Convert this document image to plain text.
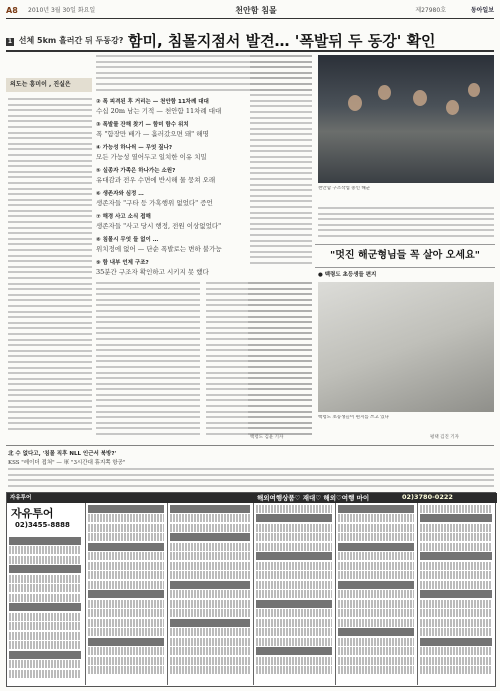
A8 2010년 3월 30일 화요일	천안함 침몰	제27980호	동아일보
1 선체 5km 흘러간 뒤 두동강? 함미, 침몰지점서 발견… '폭발뒤 두 동강' 확인
의도는 흥미이 , 진실은
② 폭 피격된 후 거리는 — 천안함 11차례 대대
수십 20m 남는 기적 — 천안함 11차례 대대
③ 폭발물 잔해 찾기 — 함미 함수 위치
폭 "함장만 배가 — 흘러갔으면 돼" 해명
④ 가능성 하나씩 — 무엇 짚나?
모든 가능성 열어두고 일치한 이유 치밀
⑤ 실종자 가족은 하나가는 소원?
유대감과 전우 수면에 반시해 물 뭉쳐 오래
⑥ 생존자와 심정 …
생존자들 "구타 등 가혹행위 없었다" 증언
⑦ 해경 사고 소식 접해
생존자들 "사고 당시 행정, 전원 이상없었다"
⑧ 침몰시 무엇 들 없이 …
위치정에 없어 — 단순 폭발로는 변하 불가능
⑨ 함 내부 언제 구조?
35분간 구조자 확인하고 시키지 못 했다
천안함 구조작업 중인 해군
"멋진 해군형님들 꼭 살아 오세요"
● 백령도 초등생들 편지
백령도 초등생들이 편지를 쓰고 있다
北 수 없다고, '침몰 직후 NLL 인근서 북방?'
KSS "레이더 접쳐" — 軍 "3시간대 휴지쪽 항공"
백령도 김윤 기자	평택 김진 기자
자유투어	해외여행상품♡ 재대♡ 해외♡여행 마이	02)3780-0222
자유투어
02)3455-8888
